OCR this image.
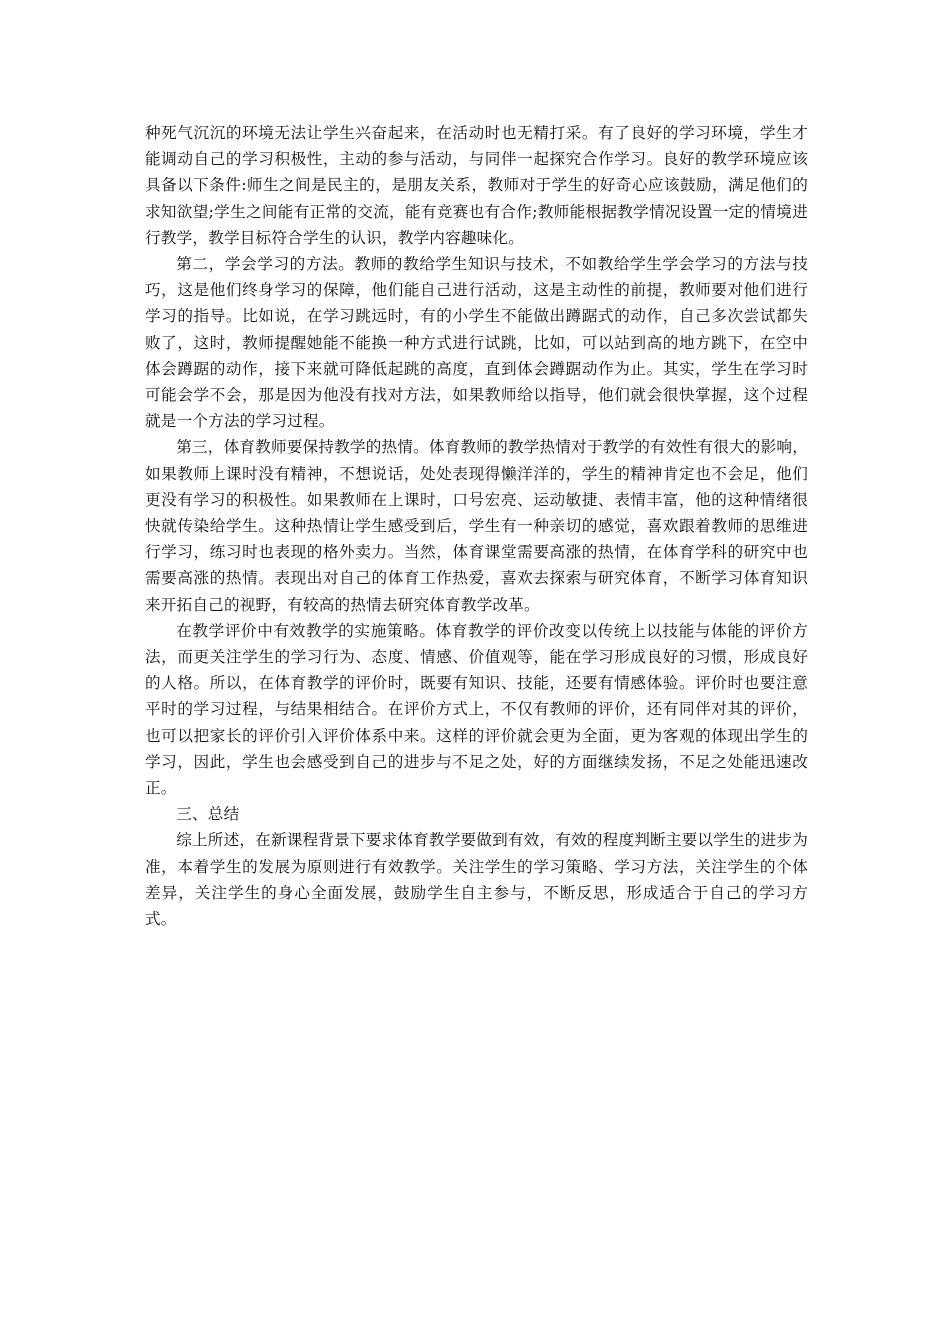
种死气沉沉的环境无法让学生兴奋起来，在活动时也无精打采。有了良好的学习环境，学生才能调动自己的学习积极性，主动的参与活动，与同伴一起探究合作学习。良好的教学环境应该具备以下条件:师生之间是民主的，是朋友关系，教师对于学生的好奇心应该鼓励，满足他们的求知欲望;学生之间能有正常的交流，能有竞赛也有合作;教师能根据教学情况设置一定的情境进行教学，教学目标符合学生的认识，教学内容趣味化。

第二，学会学习的方法。教师的教给学生知识与技术，不如教给学生学会学习的方法与技巧，这是他们终身学习的保障，他们能自己进行活动，这是主动性的前提，教师要对他们进行学习的指导。比如说，在学习跳远时，有的小学生不能做出蹲踞式的动作，自己多次尝试都失败了，这时，教师提醒她能不能换一种方式进行试跳，比如，可以站到高的地方跳下，在空中体会蹲踞的动作，接下来就可降低起跳的高度，直到体会蹲踞动作为止。其实，学生在学习时可能会学不会，那是因为他没有找对方法，如果教师给以指导，他们就会很快掌握，这个过程就是一个方法的学习过程。

第三，体育教师要保持教学的热情。体育教师的教学热情对于教学的有效性有很大的影响，如果教师上课时没有精神，不想说话，处处表现得懒洋洋的，学生的精神肯定也不会足，他们更没有学习的积极性。如果教师在上课时，口号宏亮、运动敏捷、表情丰富，他的这种情绪很快就传染给学生。这种热情让学生感受到后，学生有一种亲切的感觉，喜欢跟着教师的思维进行学习，练习时也表现的格外卖力。当然，体育课堂需要高涨的热情，在体育学科的研究中也需要高涨的热情。表现出对自己的体育工作热爱，喜欢去探索与研究体育，不断学习体育知识来开拓自己的视野，有较高的热情去研究体育教学改革。

在教学评价中有效教学的实施策略。体育教学的评价改变以传统上以技能与体能的评价方法，而更关注学生的学习行为、态度、情感、价值观等，能在学习形成良好的习惯，形成良好的人格。所以，在体育教学的评价时，既要有知识、技能，还要有情感体验。评价时也要注意平时的学习过程，与结果相结合。在评价方式上，不仅有教师的评价，还有同伴对其的评价，也可以把家长的评价引入评价体系中来。这样的评价就会更为全面，更为客观的体现出学生的学习，因此，学生也会感受到自己的进步与不足之处，好的方面继续发扬，不足之处能迅速改正。

三、总结

综上所述，在新课程背景下要求体育教学要做到有效，有效的程度判断主要以学生的进步为准，本着学生的发展为原则进行有效教学。关注学生的学习策略、学习方法，关注学生的个体差异，关注学生的身心全面发展，鼓励学生自主参与，不断反思，形成适合于自己的学习方式。
